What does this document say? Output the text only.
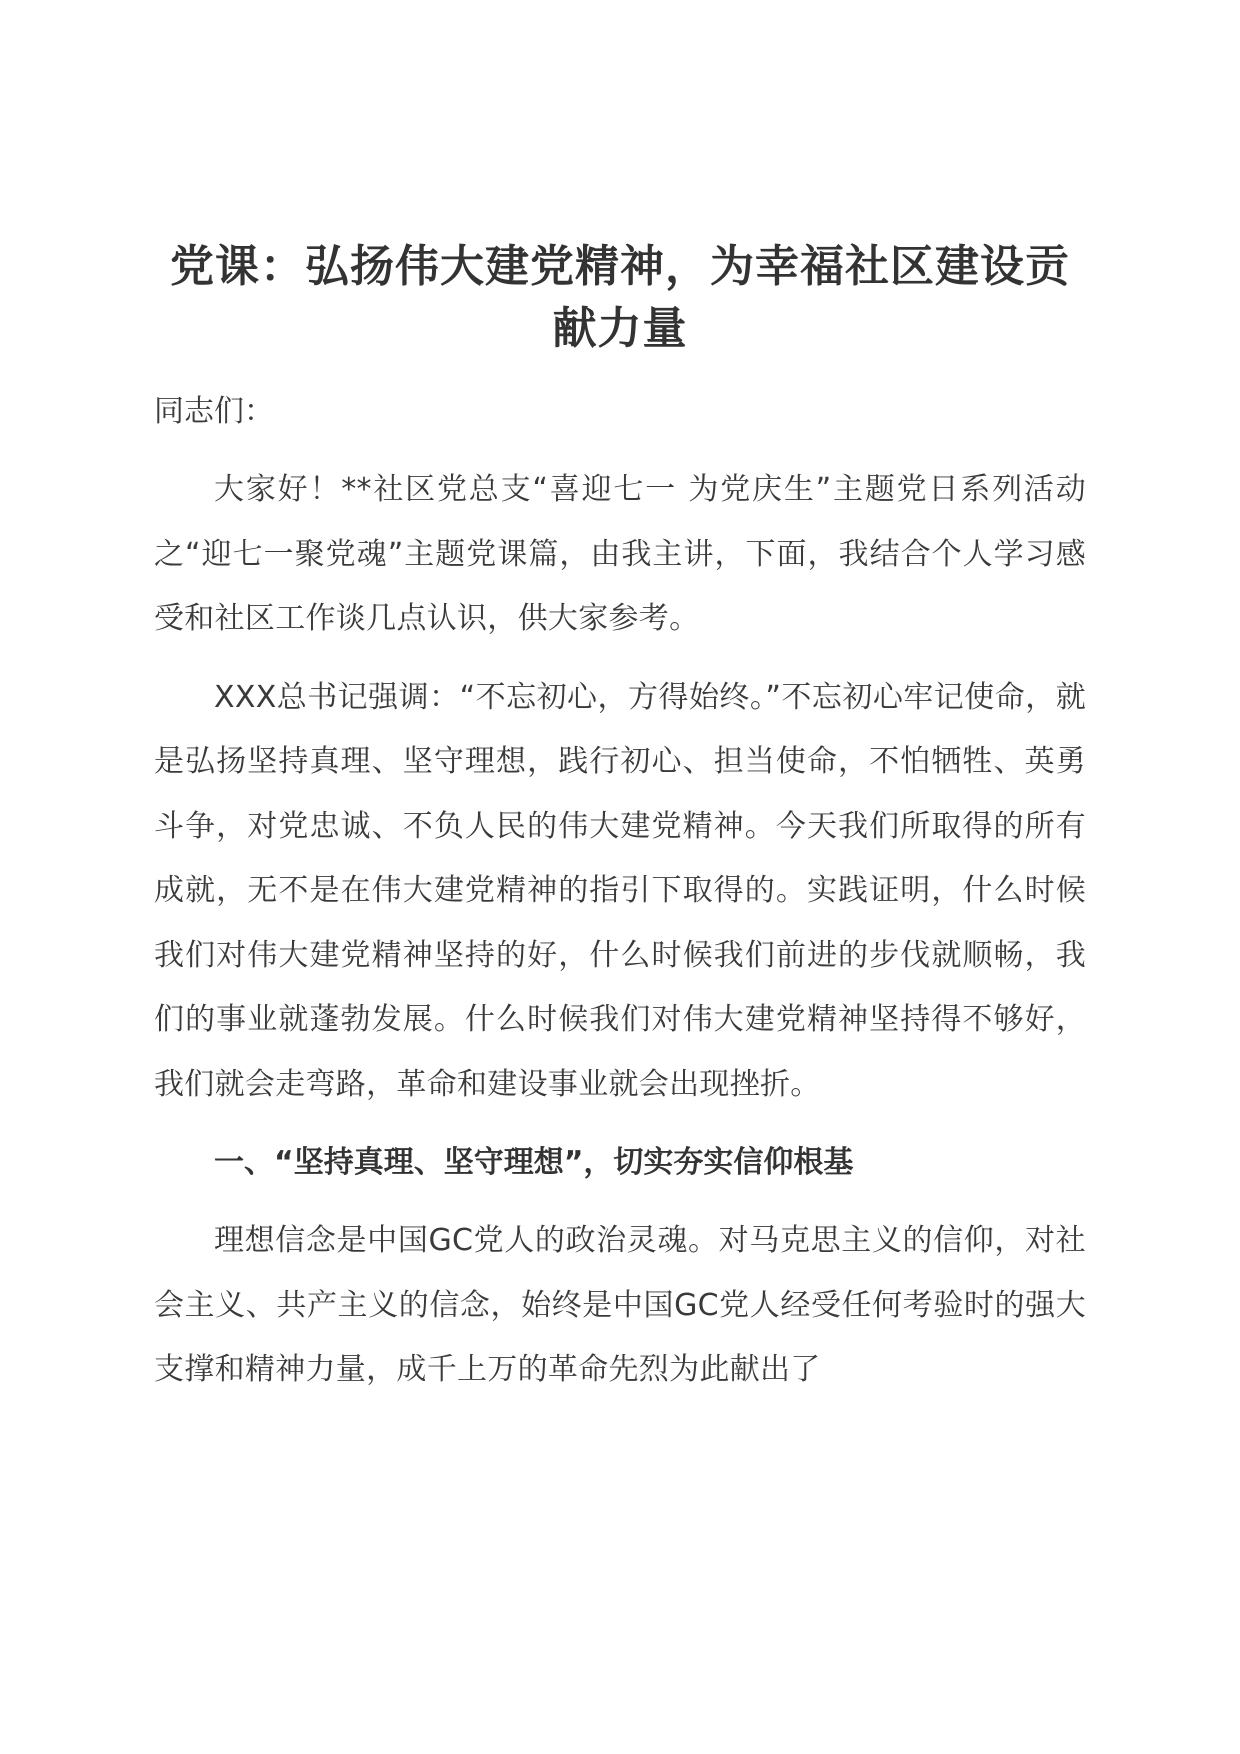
党课：弘扬伟大建党精神，为幸福社区建设贡献力量

同志们：

大家好！**社区党总支“喜迎七一 为党庆生”主题党日系列活动之“迎七一聚党魂”主题党课篇，由我主讲，下面，我结合个人学习感受和社区工作谈几点认识，供大家参考。

XXX总书记强调：“不忘初心，方得始终。”不忘初心牢记使命，就是弘扬坚持真理、坚守理想，践行初心、担当使命，不怕牺牲、英勇斗争，对党忠诚、不负人民的伟大建党精神。今天我们所取得的所有成就，无不是在伟大建党精神的指引下取得的。实践证明，什么时候我们对伟大建党精神坚持的好，什么时候我们前进的步伐就顺畅，我们的事业就蓬勃发展。什么时候我们对伟大建党精神坚持得不够好，我们就会走弯路，革命和建设事业就会出现挫折。

一、“坚持真理、坚守理想”，切实夯实信仰根基

理想信念是中国GC党人的政治灵魂。对马克思主义的信仰，对社会主义、共产主义的信念，始终是中国GC党人经受任何考验时的强大支撑和精神力量，成千上万的革命先烈为此献出了
